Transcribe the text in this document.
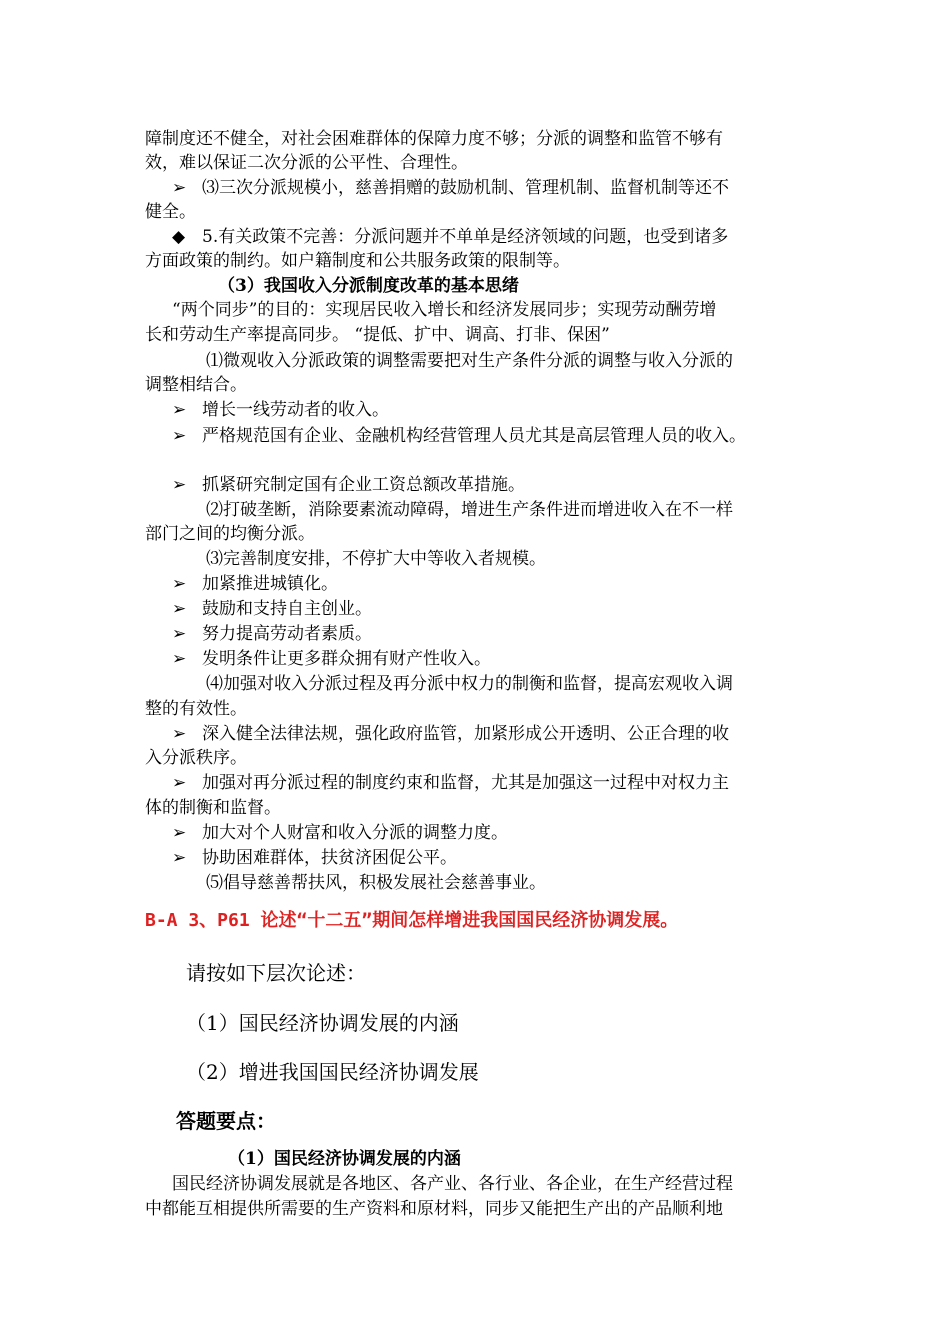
障制度还不健全，对社会困难群体的保障力度不够；分派的调整和监管不够有
效，难以保证二次分派的公平性、合理性。
➢ ⑶三次分派规模小，慈善捐赠的鼓励机制、管理机制、监督机制等还不
健全。
◆ 5.有关政策不完善：分派问题并不单单是经济领域的问题，也受到诸多
方面政策的制约。如户籍制度和公共服务政策的限制等。
（3）我国收入分派制度改革的基本思绪
“两个同步”的目的：实现居民收入增长和经济发展同步；实现劳动酬劳增
长和劳动生产率提高同步。 “提低、扩中、调高、打非、保困”
⑴微观收入分派政策的调整需要把对生产条件分派的调整与收入分派的
调整相结合。
➢ 增长一线劳动者的收入。
➢ 严格规范国有企业、金融机构经营管理人员尤其是高层管理人员的收入。
➢ 抓紧研究制定国有企业工资总额改革措施。
⑵打破垄断，消除要素流动障碍，增进生产条件进而增进收入在不一样
部门之间的均衡分派。
⑶完善制度安排，不停扩大中等收入者规模。
➢ 加紧推进城镇化。
➢ 鼓励和支持自主创业。
➢ 努力提高劳动者素质。
➢ 发明条件让更多群众拥有财产性收入。
⑷加强对收入分派过程及再分派中权力的制衡和监督，提高宏观收入调
整的有效性。
➢ 深入健全法律法规，强化政府监管，加紧形成公开透明、公正合理的收
入分派秩序。
➢ 加强对再分派过程的制度约束和监督，尤其是加强这一过程中对权力主
体的制衡和监督。
➢ 加大对个人财富和收入分派的调整力度。
➢ 协助困难群体，扶贫济困促公平。
⑸倡导慈善帮扶风，积极发展社会慈善事业。
B-A 3、P61 论述“十二五”期间怎样增进我国国民经济协调发展。
请按如下层次论述：
（1）国民经济协调发展的内涵
（2）增进我国国民经济协调发展
答题要点：
（1）国民经济协调发展的内涵
国民经济协调发展就是各地区、各产业、各行业、各企业，在生产经营过程
中都能互相提供所需要的生产资料和原材料，同步又能把生产出的产品顺利地
